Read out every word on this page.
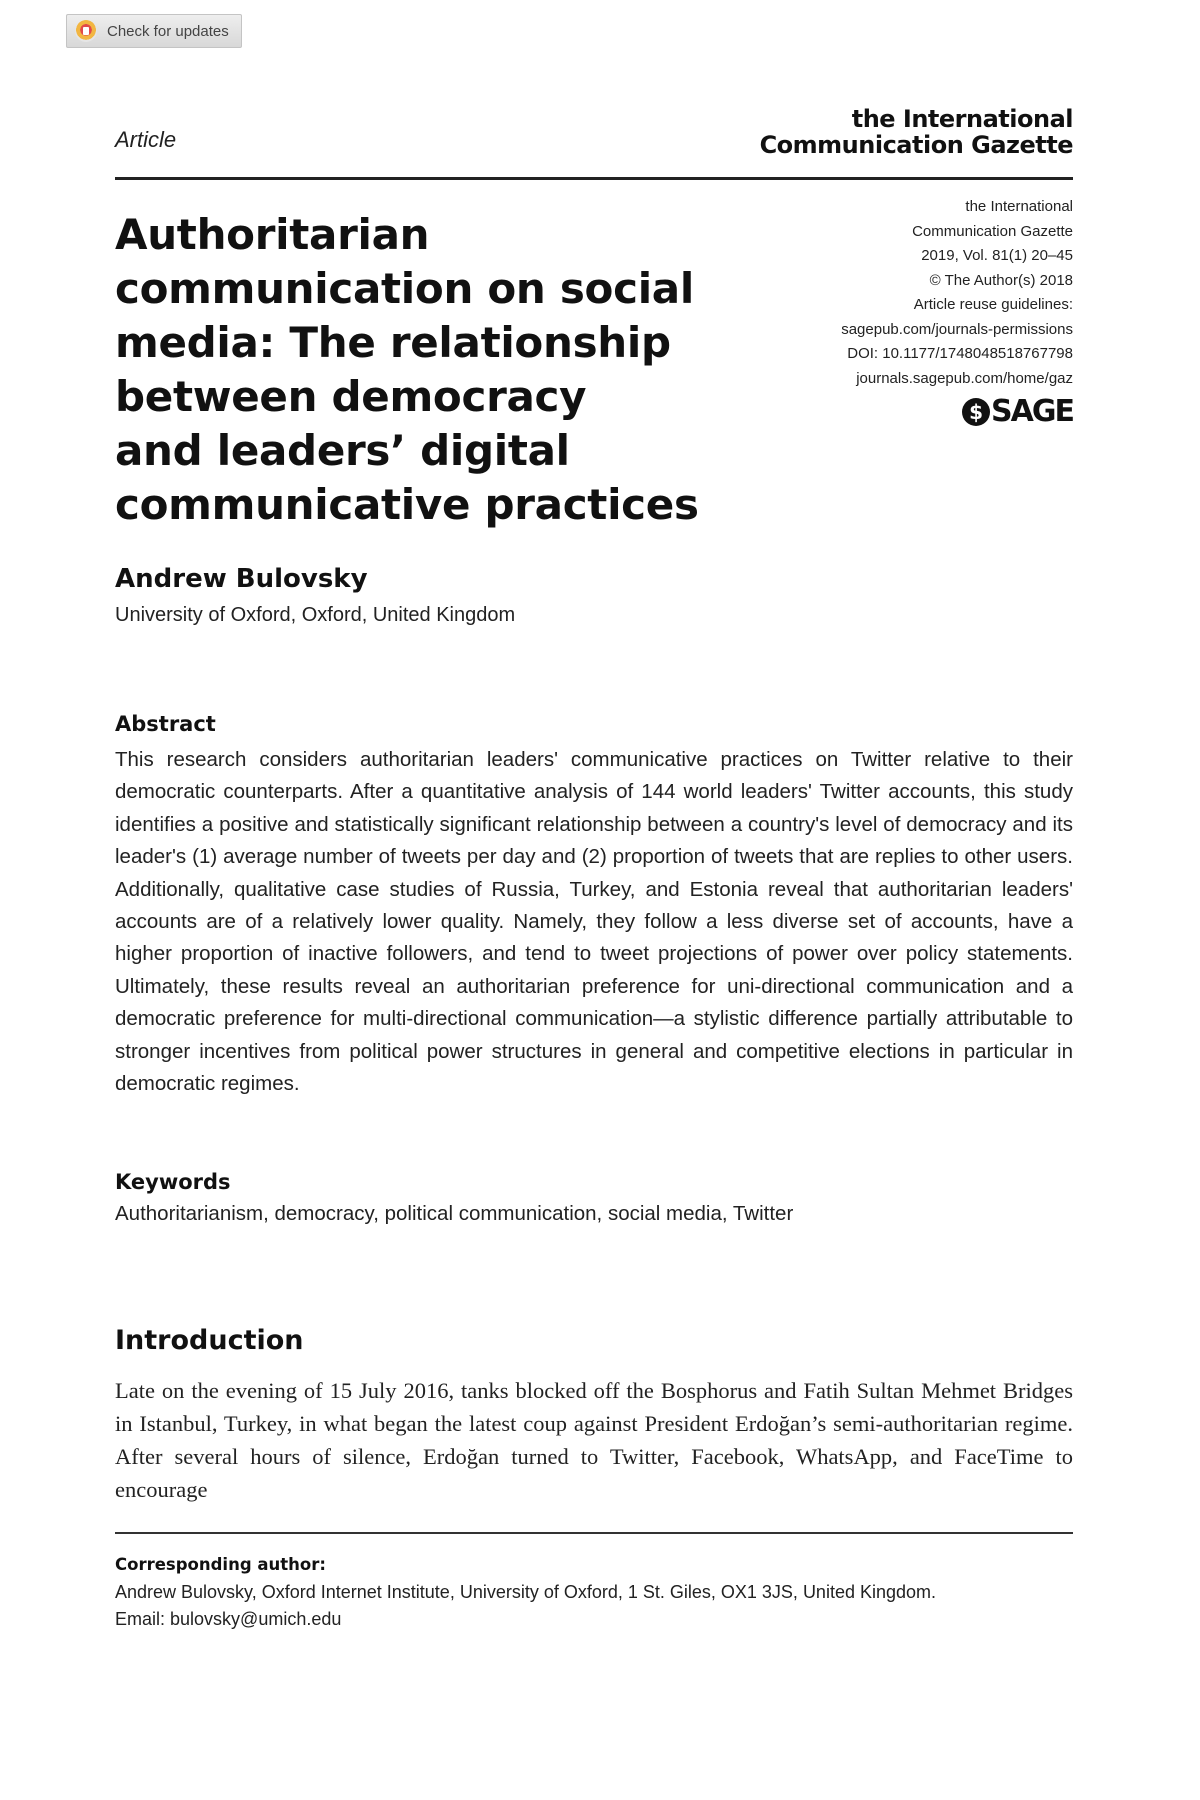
Check for updates
Article
the International
Communication Gazette
Authoritarian
communication on social
media: The relationship
between democracy
and leaders’ digital
communicative practices
the International
Communication Gazette
2019, Vol. 81(1) 20–45
© The Author(s) 2018
Article reuse guidelines:
sagepub.com/journals-permissions
DOI: 10.1177/1748048518767798
journals.sagepub.com/home/gaz
$ SAGE
Andrew Bulovsky
University of Oxford, Oxford, United Kingdom
Abstract

This research considers authoritarian leaders' communicative practices on Twitter relative to their democratic counterparts. After a quantitative analysis of 144 world leaders' Twitter accounts, this study identifies a positive and statistically significant relationship between a country's level of democracy and its leader's (1) average number of tweets per day and (2) proportion of tweets that are replies to other users. Additionally, qualitative case studies of Russia, Turkey, and Estonia reveal that authoritarian leaders' accounts are of a relatively lower quality. Namely, they follow a less diverse set of accounts, have a higher proportion of inactive followers, and tend to tweet projections of power over policy statements. Ultimately, these results reveal an authoritarian preference for uni-directional communication and a democratic preference for multi-directional communication—a stylistic difference partially attributable to stronger incentives from political power structures in general and competitive elections in particular in democratic regimes.

Keywords
Authoritarianism, democracy, political communication, social media, Twitter
Introduction

Late on the evening of 15 July 2016, tanks blocked off the Bosphorus and Fatih Sultan Mehmet Bridges in Istanbul, Turkey, in what began the latest coup against President Erdoğan’s semi-authoritarian regime. After several hours of silence, Erdoğan turned to Twitter, Facebook, WhatsApp, and FaceTime to encourage

Corresponding author:
Andrew Bulovsky, Oxford Internet Institute, University of Oxford, 1 St. Giles, OX1 3JS, United Kingdom.
Email: bulovsky@umich.edu
